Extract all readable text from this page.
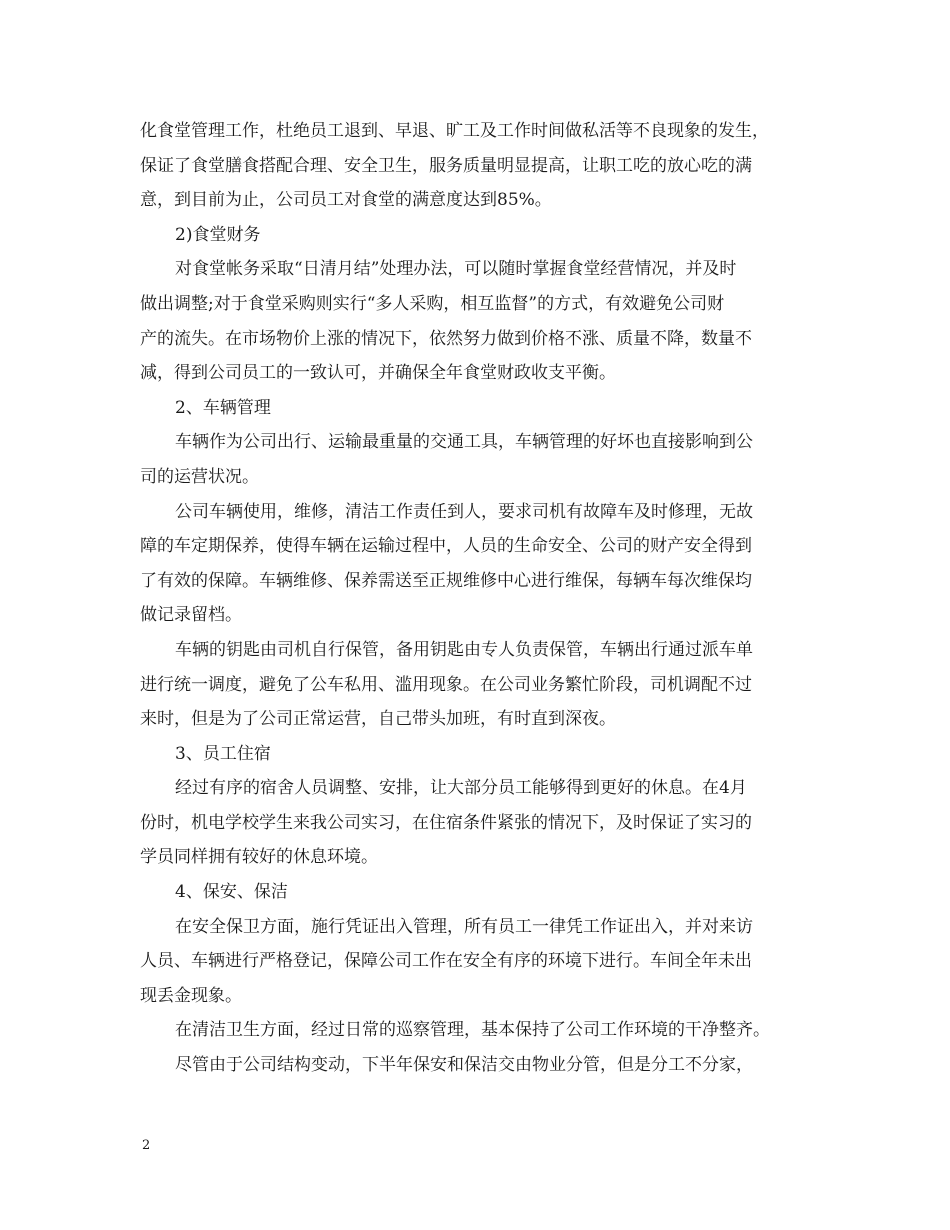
化食堂管理工作，杜绝员工退到、早退、旷工及工作时间做私活等不良现象的发生，
保证了食堂膳食搭配合理、安全卫生，服务质量明显提高，让职工吃的放心吃的满
意，到目前为止，公司员工对食堂的满意度达到85%。
2)食堂财务
对食堂帐务采取“日清月结”处理办法，可以随时掌握食堂经营情况，并及时
做出调整;对于食堂采购则实行“多人采购，相互监督”的方式，有效避免公司财
产的流失。在市场物价上涨的情况下，依然努力做到价格不涨、质量不降，数量不
减，得到公司员工的一致认可，并确保全年食堂财政收支平衡。
2、车辆管理
车辆作为公司出行、运输最重量的交通工具，车辆管理的好坏也直接影响到公
司的运营状况。
公司车辆使用，维修，清洁工作责任到人，要求司机有故障车及时修理，无故
障的车定期保养，使得车辆在运输过程中，人员的生命安全、公司的财产安全得到
了有效的保障。车辆维修、保养需送至正规维修中心进行维保，每辆车每次维保均
做记录留档。
车辆的钥匙由司机自行保管，备用钥匙由专人负责保管，车辆出行通过派车单
进行统一调度，避免了公车私用、滥用现象。在公司业务繁忙阶段，司机调配不过
来时，但是为了公司正常运营，自己带头加班，有时直到深夜。
3、员工住宿
经过有序的宿舍人员调整、安排，让大部分员工能够得到更好的休息。在4月
份时，机电学校学生来我公司实习，在住宿条件紧张的情况下，及时保证了实习的
学员同样拥有较好的休息环境。
4、保安、保洁
在安全保卫方面，施行凭证出入管理，所有员工一律凭工作证出入，并对来访
人员、车辆进行严格登记，保障公司工作在安全有序的环境下进行。车间全年未出
现丢金现象。
在清洁卫生方面，经过日常的巡察管理，基本保持了公司工作环境的干净整齐。
尽管由于公司结构变动，下半年保安和保洁交由物业分管，但是分工不分家，
2
